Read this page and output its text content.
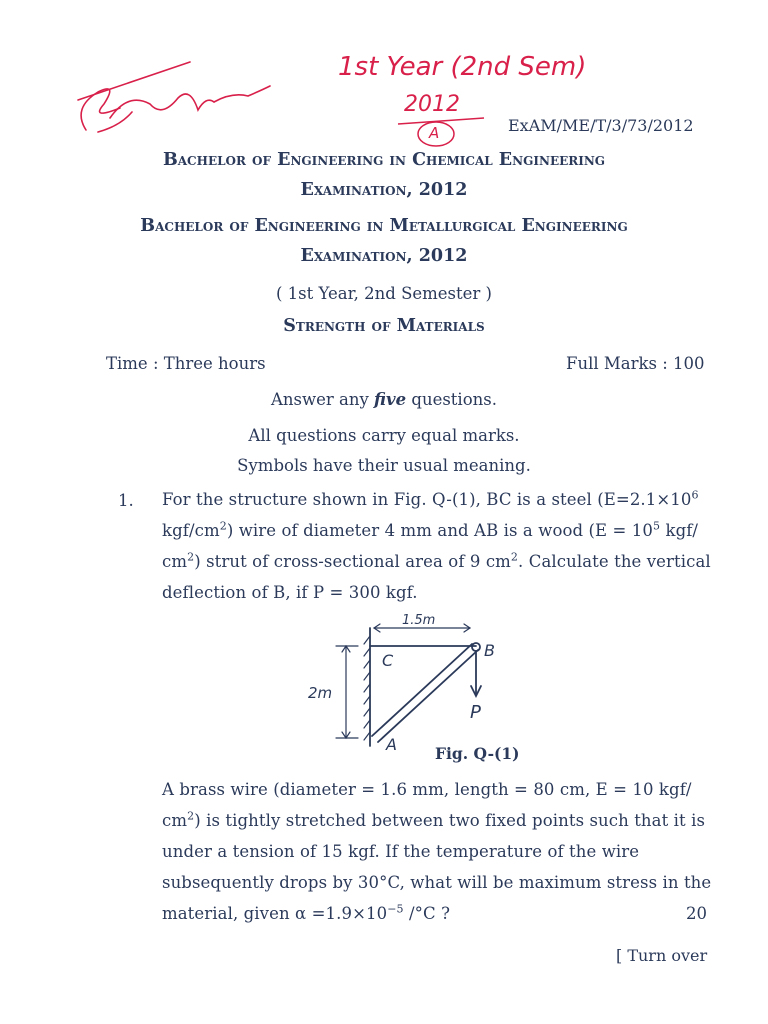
1st Year (2nd Sem)
2012
A	ExAM/ME/T/3/73/2012
Bachelor of Engineering in Chemical Engineering
Examination, 2012
Bachelor of Engineering in Metallurgical Engineering
Examination, 2012
( 1st Year, 2nd Semester )
Strength of Materials
Time : Three hours	Full Marks : 100
Answer any five questions.
All questions carry equal marks.
Symbols have their usual meaning.
1. For the structure shown in Fig. Q-(1), BC is a steel ($E=2.1\times 10^6$

kgf/$cm^2$) wire of diameter 4 mm and AB is a wood ($E = 10^5$ kgf/

$cm^2$) strut of cross-sectional area of 9 $cm^2$. Calculate the vertical

deflection of B, if P = 300 kgf.

1.5m
2m
C
B
P
A Fig. Q-(1)

A brass wire (diameter = 1.6 mm, length = 80 cm, E = 10 kgf/

$cm^2$) is tightly stretched between two fixed points such that it is

under a tension of 15 kgf. If the temperature of the wire

subsequently drops by 30°C, what will be maximum stress in the

material, given $\alpha =1.9\times 10^{-5}$ /°C ?	20
[ Turn over
